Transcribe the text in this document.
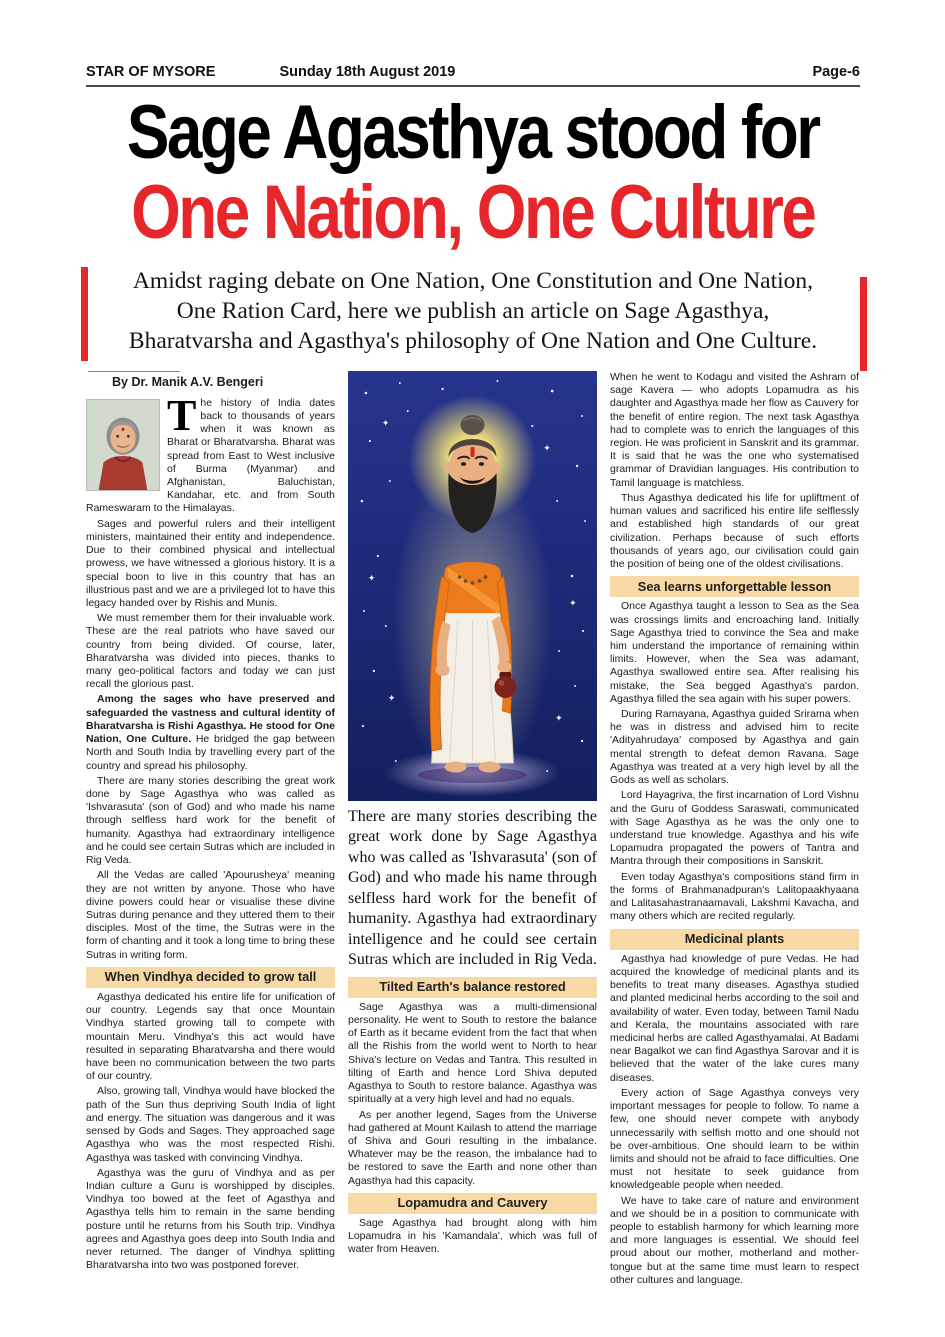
STAR OF MYSORE	Sunday 18th August 2019	Page-6
Sage Agasthya stood for
One Nation, One Culture
Amidst raging debate on One Nation, One Constitution and One Nation, One Ration Card, here we publish an article on Sage Agasthya, Bharatvarsha and Agasthya's philosophy of One Nation and One Culture.
By Dr. Manik A.V. Bengeri
T he history of India dates back to thousands of years when it was known as Bharat or Bharatvarsha. Bharat was spread from East to West inclusive of Burma (Myanmar) and Afghanistan, Baluchistan, Kandahar, etc. and from South Rameswaram to the Himalayas.

Sages and powerful rulers and their intelligent ministers, maintained their entity and independence. Due to their combined physical and intellectual prowess, we have witnessed a glorious history. It is a special boon to live in this country that has an illustrious past and we are a privileged lot to have this legacy handed over by Rishis and Munis.

We must remember them for their invaluable work. These are the real patriots who have saved our country from being divided. Of course, later, Bharatvarsha was divided into pieces, thanks to many geo-political factors and today we can just recall the glorious past.

Among the sages who have preserved and safeguarded the vastness and cultural identity of Bharatvarsha is Rishi Agasthya. He stood for One Nation, One Culture. He bridged the gap between North and South India by travelling every part of the country and spread his philosophy.

There are many stories describing the great work done by Sage Agasthya who was called as 'Ishvarasuta' (son of God) and who made his name through selfless hard work for the benefit of humanity. Agasthya had extraordinary intelligence and he could see certain Sutras which are included in Rig Veda.

All the Vedas are called 'Apourusheya' meaning they are not written by anyone. Those who have divine powers could hear or visualise these divine Sutras during penance and they uttered them to their disciples. Most of the time, the Sutras were in the form of chanting and it took a long time to bring these Sutras in writing form.

When Vindhya decided to grow tall

Agasthya dedicated his entire life for unification of our country. Legends say that once Mountain Vindhya started growing tall to compete with mountain Meru. Vindhya's this act would have resulted in separating Bharatvarsha and there would have been no communication between the two parts of our country.

Also, growing tall, Vindhya would have blocked the path of the Sun thus depriving South India of light and energy. The situation was dangerous and it was sensed by Gods and Sages. They approached sage Agasthya who was the most respected Rishi. Agasthya was tasked with convincing Vindhya.

Agasthya was the guru of Vindhya and as per Indian culture a Guru is worshipped by disciples. Vindhya too bowed at the feet of Agasthya and Agasthya tells him to remain in the same bending posture until he returns from his South trip. Vindhya agrees and Agasthya goes deep into South India and never returned. The danger of Vindhya splitting Bharatvarsha into two was postponed forever.

✦
✦
✦
✦
✦
✦
There are many stories describing the great work done by Sage Agasthya who was called as 'Ishvarasuta' (son of God) and who made his name through selfless hard work for the benefit of humanity. Agasthya had extraordinary intelligence and he could see certain Sutras which are included in Rig Veda.
Tilted Earth's balance restored

Sage Agasthya was a multi-dimensional personality. He went to South to restore the balance of Earth as it became evident from the fact that when all the Rishis from the world went to North to hear Shiva's lecture on Vedas and Tantra. This resulted in tilting of Earth and hence Lord Shiva deputed Agasthya to South to restore balance. Agasthya was spiritually at a very high level and had no equals.

As per another legend, Sages from the Universe had gathered at Mount Kailash to attend the marriage of Shiva and Gouri resulting in the imbalance. Whatever may be the reason, the imbalance had to be restored to save the Earth and none other than Agasthya had this capacity.

Lopamudra and Cauvery

Sage Agasthya had brought along with him Lopamudra in his 'Kamandala', which was full of water from Heaven.

When he went to Kodagu and visited the Ashram of sage Kavera — who adopts Lopamudra as his daughter and Agasthya made her flow as Cauvery for the benefit of entire region. The next task Agasthya had to complete was to enrich the languages of this region. He was proficient in Sanskrit and its grammar. It is said that he was the one who systematised grammar of Dravidian languages. His contribution to Tamil language is matchless.

Thus Agasthya dedicated his life for upliftment of human values and sacrificed his entire life selflessly and established high standards of our great civilization. Perhaps because of such efforts thousands of years ago, our civilisation could gain the position of being one of the oldest civilisations.

Sea learns unforgettable lesson

Once Agasthya taught a lesson to Sea as the Sea was crossings limits and encroaching land. Initially Sage Agasthya tried to convince the Sea and make him understand the importance of remaining within limits. However, when the Sea was adamant, Agasthya swallowed entire sea. After realising his mistake, the Sea begged Agasthya's pardon. Agasthya filled the sea again with his super powers.

During Ramayana, Agasthya guided Srirama when he was in distress and advised him to recite 'Adityahrudaya' composed by Agasthya and gain mental strength to defeat demon Ravana. Sage Agasthya was treated at a very high level by all the Gods as well as scholars.

Lord Hayagriva, the first incarnation of Lord Vishnu and the Guru of Goddess Saraswati, communicated with Sage Agasthya as he was the only one to understand true knowledge. Agasthya and his wife Lopamudra propagated the powers of Tantra and Mantra through their compositions in Sanskrit.

Even today Agasthya's compositions stand firm in the forms of Brahmanadpuran's Lalitopaakhyaana and Lalitasahastranaamavali, Lakshmi Kavacha, and many others which are recited regularly.

Medicinal plants

Agasthya had knowledge of pure Vedas. He had acquired the knowledge of medicinal plants and its benefits to treat many diseases. Agasthya studied and planted medicinal herbs according to the soil and availability of water. Even today, between Tamil Nadu and Kerala, the mountains associated with rare medicinal herbs are called Agasthyamalai. At Badami near Bagalkot we can find Agasthya Sarovar and it is believed that the water of the lake cures many diseases.

Every action of Sage Agasthya conveys very important messages for people to follow. To name a few, one should never compete with anybody unnecessarily with selfish motto and one should not be over-ambitious. One should learn to be within limits and should not be afraid to face difficulties. One must not hesitate to seek guidance from knowledgeable people when needed.

We have to take care of nature and environment and we should be in a position to communicate with people to establish harmony for which learning more and more languages is essential. We should feel proud about our mother, motherland and mother-tongue but at the same time must learn to respect other cultures and language.
